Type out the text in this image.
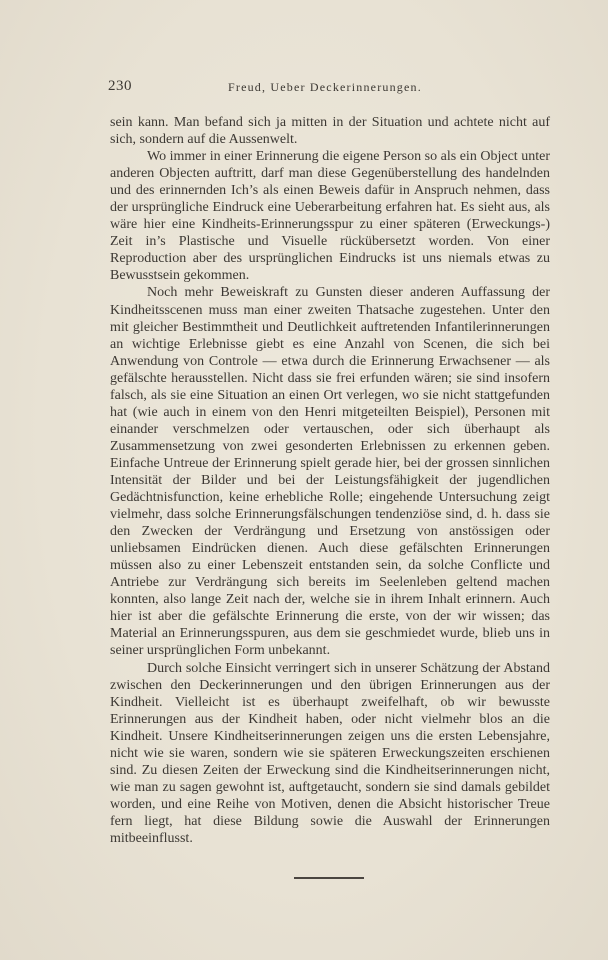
230	Freud, Ueber Deckerinnerungen.

sein kann. Man befand sich ja mitten in der Situation und achtete nicht auf sich, sondern auf die Aussenwelt.

Wo immer in einer Erinnerung die eigene Person so als ein Object unter anderen Objecten auftritt, darf man diese Gegenüberstellung des handelnden und des erinnernden Ich’s als einen Beweis dafür in Anspruch nehmen, dass der ursprüngliche Eindruck eine Ueberarbeitung erfahren hat. Es sieht aus, als wäre hier eine Kindheits-Erinnerungsspur zu einer späteren (Erweckungs-) Zeit in’s Plastische und Visuelle rückübersetzt worden. Von einer Reproduction aber des ursprünglichen Eindrucks ist uns niemals etwas zu Bewusstsein gekommen.

Noch mehr Beweiskraft zu Gunsten dieser anderen Auffassung der Kindheitsscenen muss man einer zweiten Thatsache zugestehen. Unter den mit gleicher Bestimmtheit und Deutlichkeit auftretenden Infantilerinnerungen an wichtige Erlebnisse giebt es eine Anzahl von Scenen, die sich bei Anwendung von Controle — etwa durch die Erinnerung Erwachsener — als gefälschte herausstellen. Nicht dass sie frei erfunden wären; sie sind insofern falsch, als sie eine Situation an einen Ort verlegen, wo sie nicht stattgefunden hat (wie auch in einem von den Henri mitgeteilten Beispiel), Personen mit einander verschmelzen oder vertauschen, oder sich überhaupt als Zusammensetzung von zwei gesonderten Erlebnissen zu erkennen geben. Einfache Untreue der Erinnerung spielt gerade hier, bei der grossen sinnlichen Intensität der Bilder und bei der Leistungsfähigkeit der jugendlichen Gedächtnisfunction, keine erhebliche Rolle; eingehende Untersuchung zeigt vielmehr, dass solche Erinnerungsfälschungen tendenziöse sind, d. h. dass sie den Zwecken der Verdrängung und Ersetzung von anstössigen oder unliebsamen Eindrücken dienen. Auch diese gefälschten Erinnerungen müssen also zu einer Lebenszeit entstanden sein, da solche Conflicte und Antriebe zur Verdrängung sich bereits im Seelenleben geltend machen konnten, also lange Zeit nach der, welche sie in ihrem Inhalt erinnern. Auch hier ist aber die gefälschte Erinnerung die erste, von der wir wissen; das Material an Erinnerungsspuren, aus dem sie geschmiedet wurde, blieb uns in seiner ursprünglichen Form unbekannt.

Durch solche Einsicht verringert sich in unserer Schätzung der Abstand zwischen den Deckerinnerungen und den übrigen Erinnerungen aus der Kindheit. Vielleicht ist es überhaupt zweifelhaft, ob wir bewusste Erinnerungen aus der Kindheit haben, oder nicht vielmehr blos an die Kindheit. Unsere Kindheitserinnerungen zeigen uns die ersten Lebensjahre, nicht wie sie waren, sondern wie sie späteren Erweckungszeiten erschienen sind. Zu diesen Zeiten der Erweckung sind die Kindheitserinnerungen nicht, wie man zu sagen gewohnt ist, auftgetaucht, sondern sie sind damals gebildet worden, und eine Reihe von Motiven, denen die Absicht historischer Treue fern liegt, hat diese Bildung sowie die Auswahl der Erinnerungen mitbeeinflusst.
